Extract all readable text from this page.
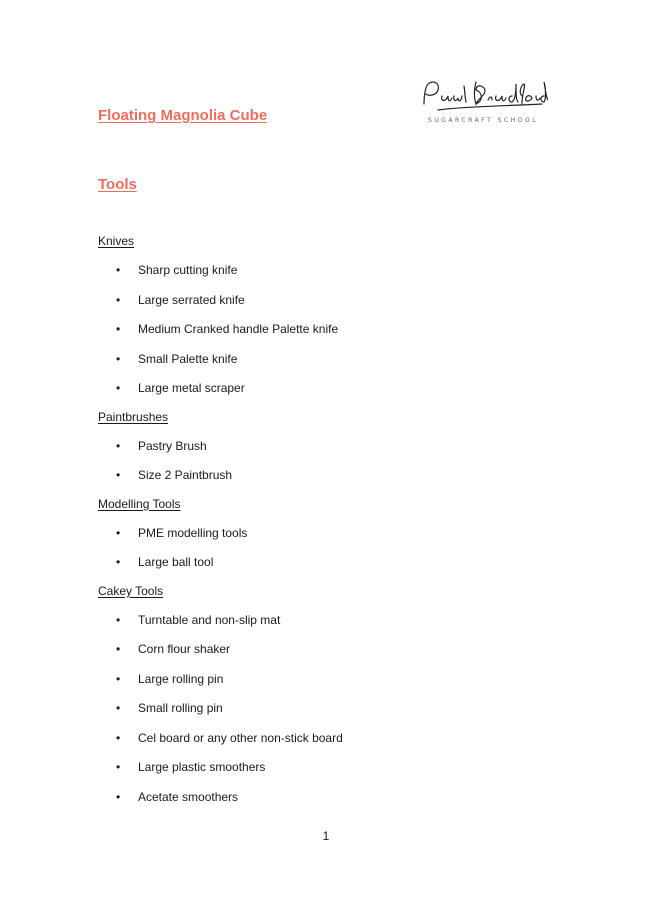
Floating Magnolia Cube	SUGARCRAFT SCHOOL
Tools
Knives
• Sharp cutting knife
• Large serrated knife
• Medium Cranked handle Palette knife
• Small Palette knife
• Large metal scraper
Paintbrushes
• Pastry Brush
• Size 2 Paintbrush
Modelling Tools
• PME modelling tools
• Large ball tool
Cakey Tools
• Turntable and non-slip mat
• Corn flour shaker
• Large rolling pin
• Small rolling pin
• Cel board or any other non-stick board
• Large plastic smoothers
• Acetate smoothers
1
